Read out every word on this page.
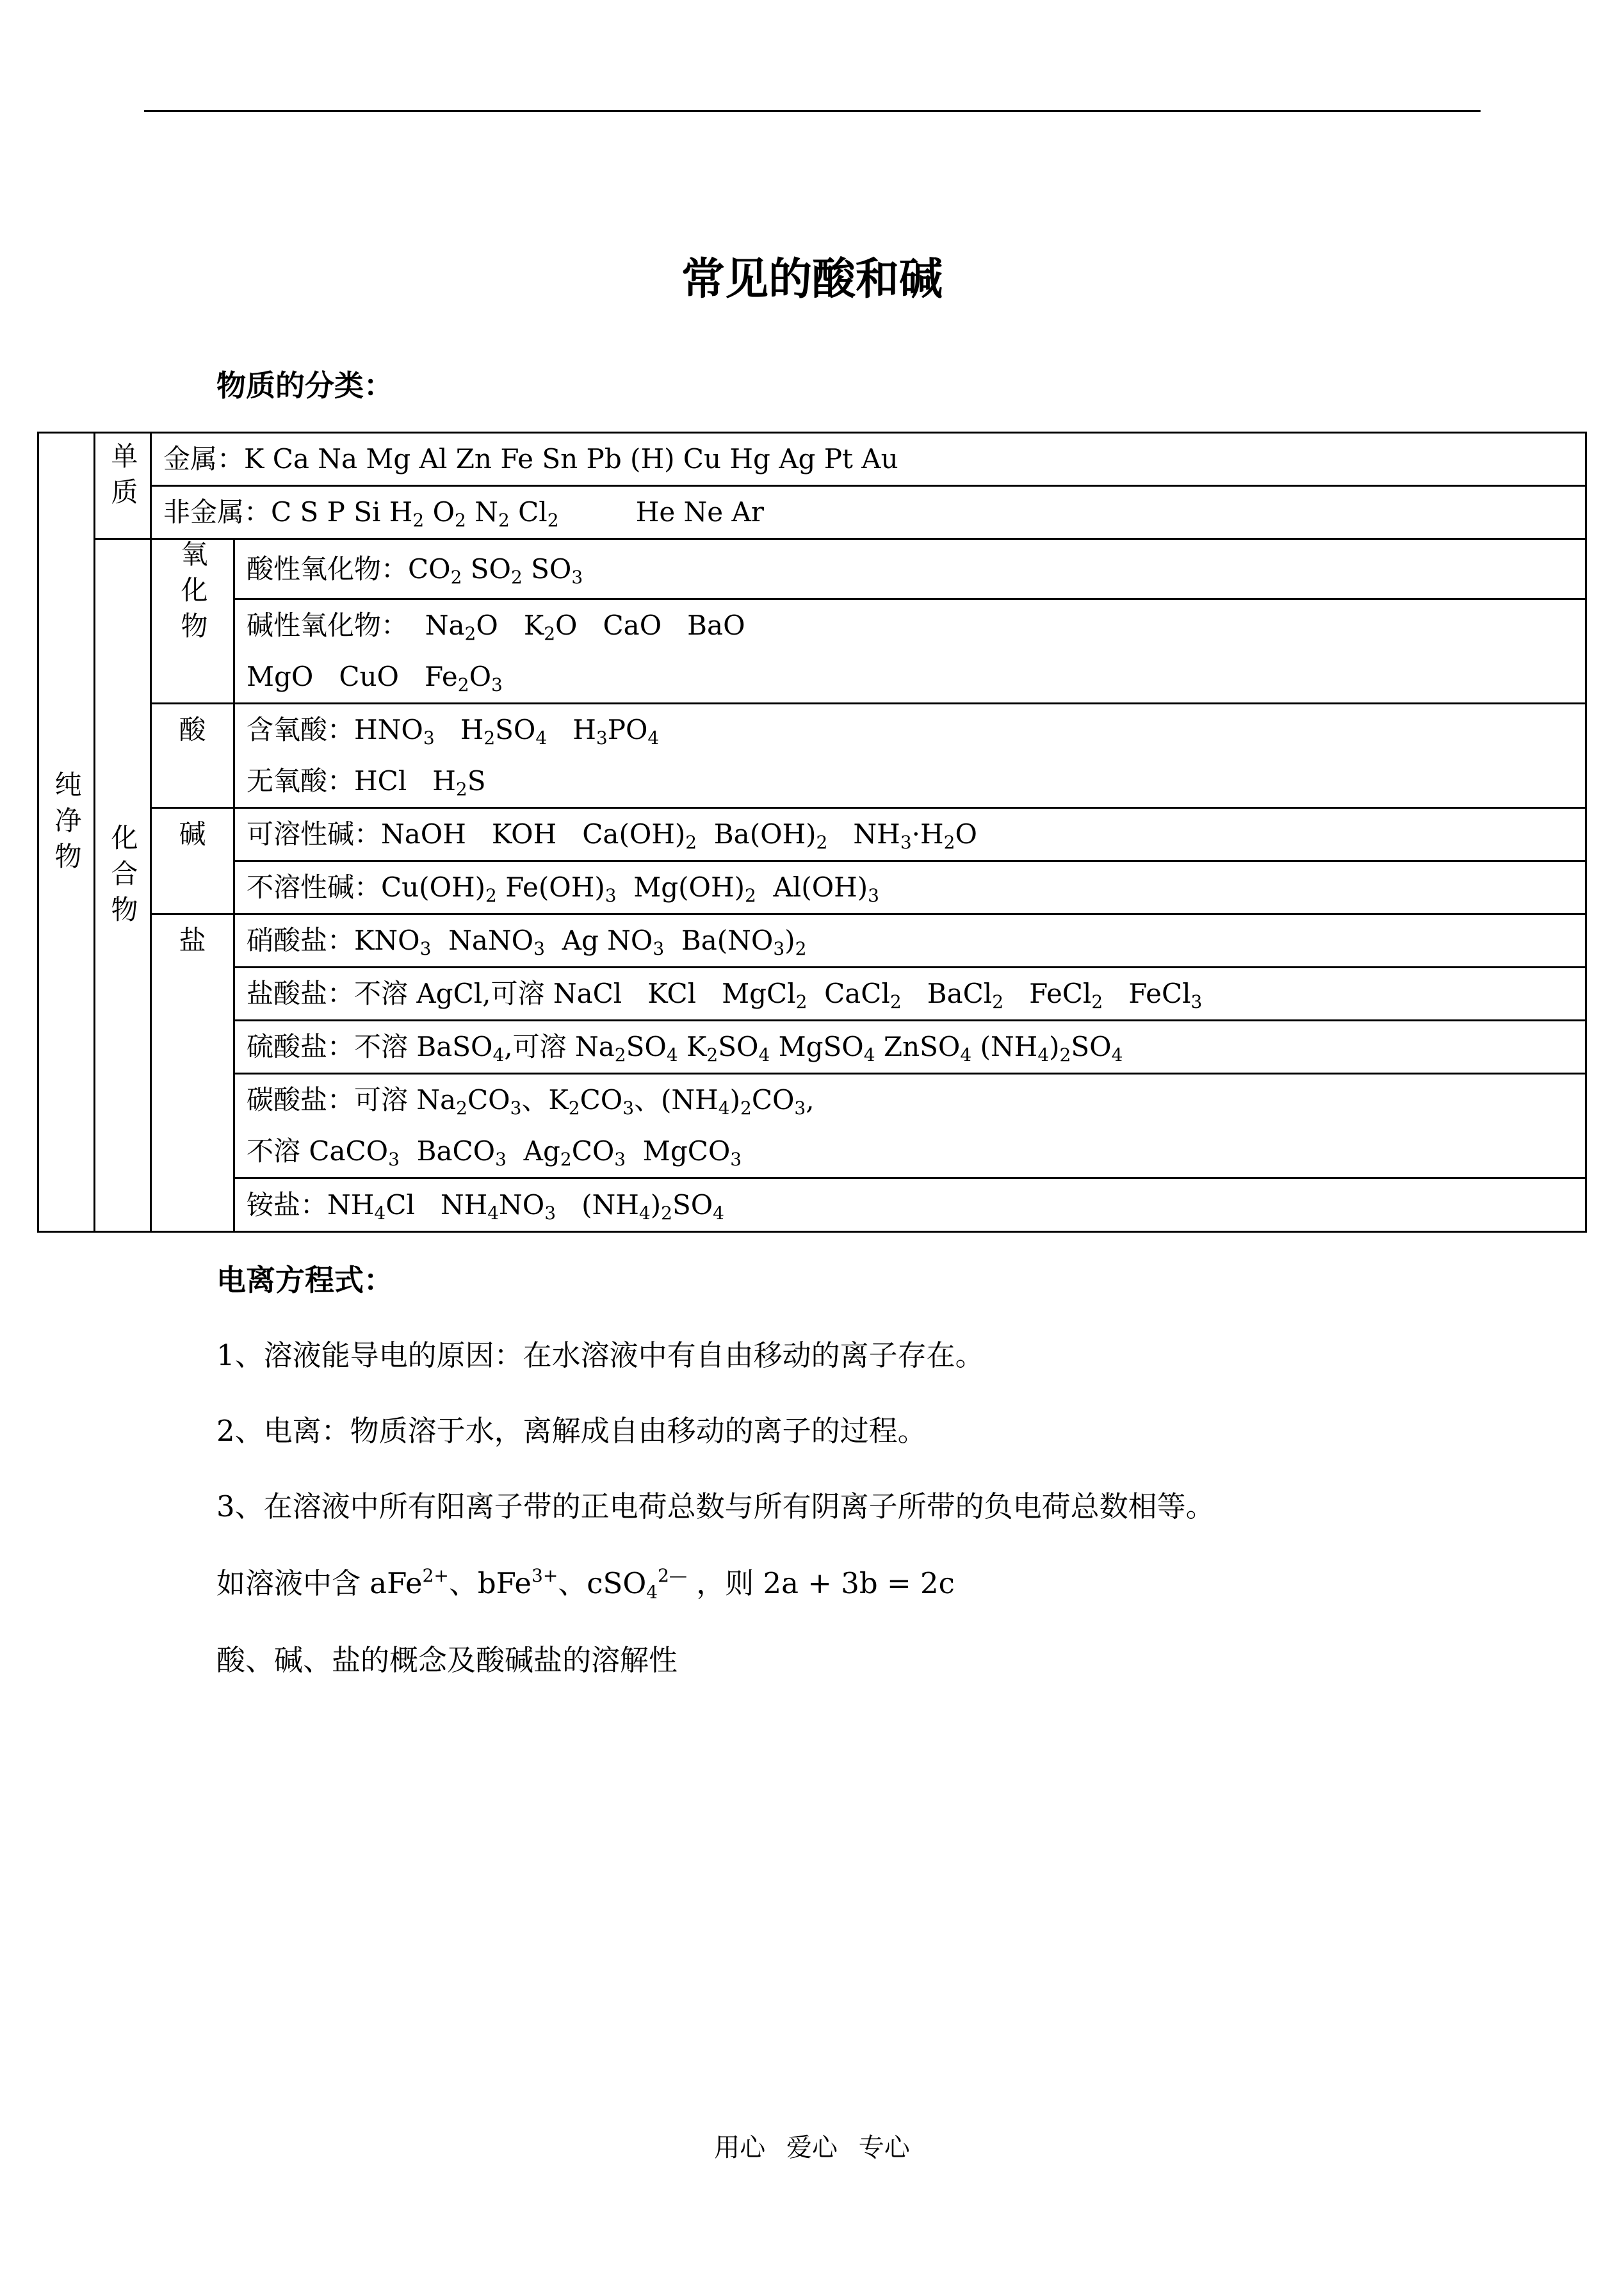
常见的酸和碱
物质的分类：
纯净物	单质	金属：K Ca Na Mg Al Zn Fe Sn Pb (H) Cu Hg Ag Pt Au	
		非金属：C S P Si $H_2$ $O_2$ $N_2$ $Cl_2$         He Ne Ar	
	化合物	氧化物	酸性氧化物：$CO_2$ $SO_2$ $SO_3$

			碱性氧化物：  $Na_2O$   $K_2O$   CaO   BaO
MgO   CuO   $Fe_2O_3$

		酸	含氧酸：$HNO_3$   $H_2SO_4$   $H_3PO_4$
无氧酸：HCl   $H_2S$

		碱	可溶性碱：NaOH   KOH   $Ca(OH)_2$  $Ba(OH)_2$   $NH_3\cdot H_2O$
			不溶性碱：$Cu(OH)_2$ $Fe(OH)_3$  $Mg(OH)_2$  $Al(OH)_3$
		盐	硝酸盐：$KNO_3$  NaNO$_3$  Ag $NO_3$  $Ba(NO_3)_2$
			盐酸盐：不溶 AgCl,可溶 NaCl   KCl   MgCl$_2$  CaCl$_2$   BaCl$_2$   FeCl$_2$   FeCl$_3$
			硫酸盐：不溶 BaSO$_4$,可溶 $Na_2SO_4$ $K_2SO_4$ MgSO$_4$ ZnSO$_4$ $(NH_4)_2SO_4$

			碳酸盐：可溶 $Na_2CO_3$、$K_2CO_3$、$(NH_4)_2CO_3$,
不溶 CaCO$_3$  BaCO$_3$  $Ag_2CO_3$  MgCO$_3$

			铵盐：$NH_4Cl$   $NH_4NO_3$   $(NH_4)_2SO_4$
电离方程式：
1、溶液能导电的原因：在水溶液中有自由移动的离子存在。
2、电离：物质溶于水，离解成自由移动的离子的过程。
3、在溶液中所有阳离子带的正电荷总数与所有阴离子所带的负电荷总数相等。
如溶液中含 aFe$^{2+}$、bFe$^{3+}$、cSO$_4^{2—}$ ，则 2a + 3b = 2c
酸、碱、盐的概念及酸碱盐的溶解性
用心 爱心 专心
